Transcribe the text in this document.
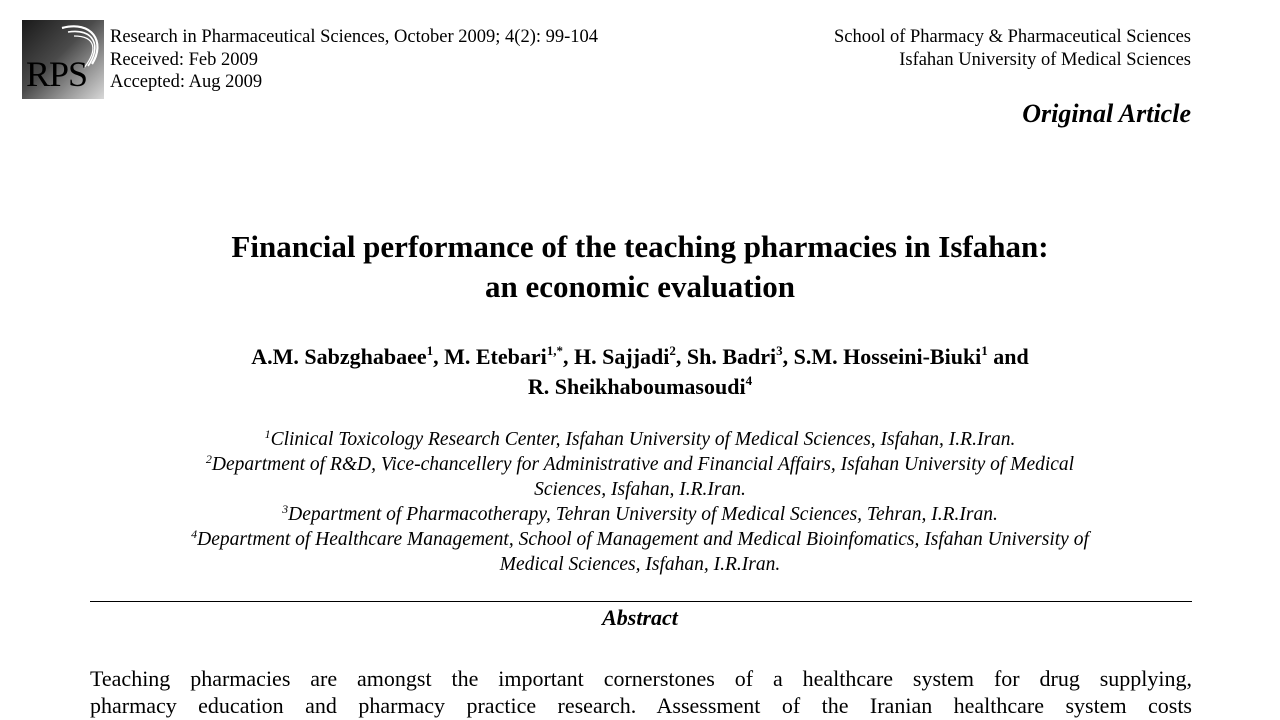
RPS
Research in Pharmaceutical Sciences, October 2009; 4(2): 99-104
Received: Feb 2009
Accepted: Aug 2009
School of Pharmacy & Pharmaceutical Sciences
Isfahan University of Medical Sciences
Original Article
Financial performance of the teaching pharmacies in Isfahan:
an economic evaluation
A.M. Sabzghabaee$^1$, M. Etebari$^{1,*}$, H. Sajjadi$^2$, Sh. Badri$^3$, S.M. Hosseini-Biuki$^1$ and
R. Sheikhaboumasoudi$^4$
$^1$Clinical Toxicology Research Center, Isfahan University of Medical Sciences, Isfahan, I.R.Iran.
$^2$Department of R&D, Vice-chancellery for Administrative and Financial Affairs, Isfahan University of Medical
Sciences, Isfahan, I.R.Iran.
$^3$Department of Pharmacotherapy, Tehran University of Medical Sciences, Tehran, I.R.Iran.
$^4$Department of Healthcare Management, School of Management and Medical Bioinfomatics, Isfahan University of
Medical Sciences, Isfahan, I.R.Iran.
Abstract
Teaching pharmacies are amongst the important cornerstones of a healthcare system for drug supplying,
pharmacy education and pharmacy practice research. Assessment of the Iranian healthcare system costs
